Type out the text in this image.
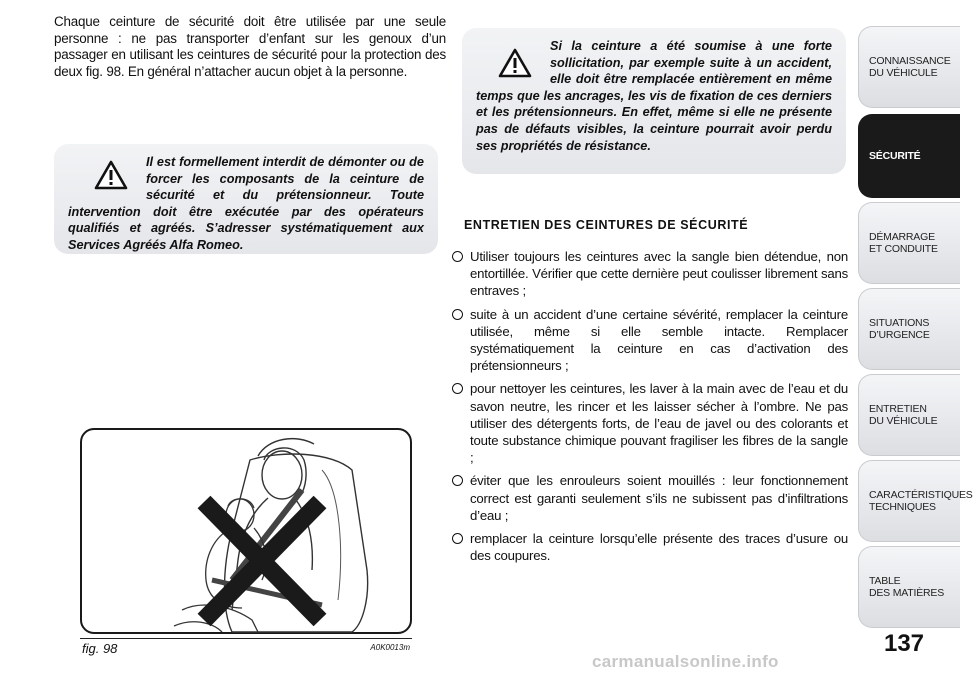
Chaque ceinture de sécurité doit être utilisée par une seule personne : ne pas transporter d’enfant sur les genoux d’un passager en utilisant les ceintures de sécurité pour la protection des deux fig. 98. En général n’attacher aucun objet à la personne.

Il est formellement interdit de démonter ou de forcer les composants de la ceinture de sécurité et du prétensionneur. Toute intervention doit être exécutée par des opérateurs qualifiés et agréés. S’adresser systématiquement aux Services Agréés Alfa Romeo.

Si la ceinture a été soumise à une forte sollicitation, par exemple suite à un accident, elle doit être remplacée entièrement en même temps que les ancrages, les vis de fixation de ces derniers et les prétensionneurs. En effet, même si elle ne présente pas de défauts visibles, la ceinture pourrait avoir perdu ses propriétés de résistance.

fig. 98	A0K0013m
ENTRETIEN DES CEINTURES DE SÉCURITÉ
Utiliser toujours les ceintures avec la sangle bien détendue, non entortillée. Vérifier que cette dernière peut coulisser librement sans entraves ;
suite à un accident d’une certaine sévérité, remplacer la ceinture utilisée, même si elle semble intacte. Remplacer systématiquement la ceinture en cas d’activation des prétensionneurs ;
pour nettoyer les ceintures, les laver à la main avec de l’eau et du savon neutre, les rincer et les laisser sécher à l’ombre. Ne pas utiliser des détergents forts, de l’eau de javel ou des colorants et toute substance chimique pouvant fragiliser les fibres de la sangle ;
éviter que les enrouleurs soient mouillés : leur fonctionnement correct est garanti seulement s’ils ne subissent pas d’infiltrations d’eau ;
remplacer la ceinture lorsqu’elle présente des traces d’usure ou des coupures.
CONNAISSANCE
DU VÉHICULE
SÉCURITÉ
DÉMARRAGE
ET CONDUITE
SITUATIONS
D’URGENCE
ENTRETIEN
DU VÉHICULE
CARACTÉRISTIQUES
TECHNIQUES
TABLE
DES MATIÈRES
137
carmanualsonline.info
